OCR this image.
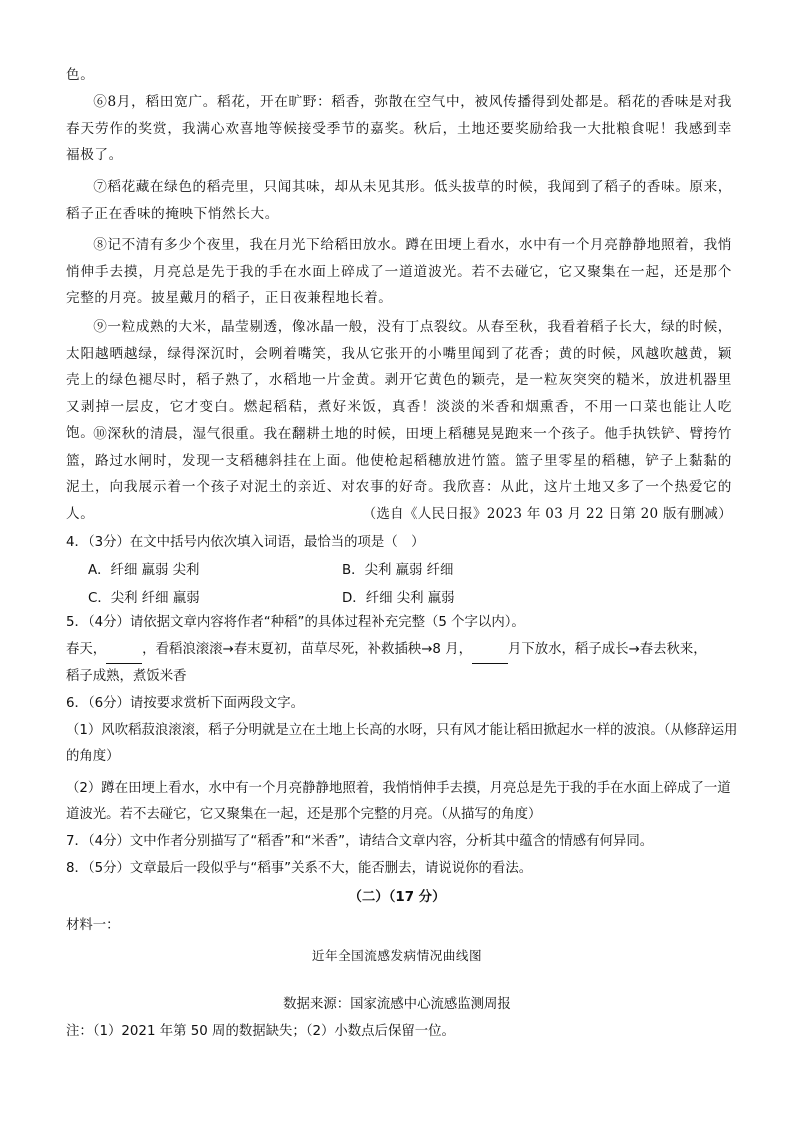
色。

⑥8月，稻田宽广。稻花，开在旷野：稻香，弥散在空气中，被风传播得到处都是。稻花的香味是对我春天劳作的奖赏，我满心欢喜地等候接受季节的嘉奖。秋后，土地还要奖励给我一大批粮食呢！我感到幸福极了。

⑦稻花藏在绿色的稻壳里，只闻其味，却从未见其形。低头拔草的时候，我闻到了稻子的香味。原来，稻子正在香味的掩映下悄然长大。

⑧记不清有多少个夜里，我在月光下给稻田放水。蹲在田埂上看水，水中有一个月亮静静地照着，我悄悄伸手去摸，月亮总是先于我的手在水面上碎成了一道道波光。若不去碰它，它又聚集在一起，还是那个完整的月亮。披星戴月的稻子，正日夜兼程地长着。

⑨一粒成熟的大米，晶莹剔透，像冰晶一般，没有丁点裂纹。从春至秋，我看着稻子长大，绿的时候，太阳越晒越绿，绿得深沉时，会咧着嘴笑，我从它张开的小嘴里闻到了花香；黄的时候，风越吹越黄，颖壳上的绿色褪尽时，稻子熟了，水稻地一片金黄。剥开它黄色的颖壳，是一粒灰突突的糙米，放进机器里又剥掉一层皮，它才变白。燃起稻秸，煮好米饭，真香！淡淡的米香和烟熏香，不用一口菜也能让人吃饱。

⑩深秋的清晨，湿气很重。我在翻耕土地的时候，田埂上稻穗晃晃跑来一个孩子。他手执铁铲、臂挎竹篮，路过水闸时，发现一支稻穗斜挂在上面。他使枪起稻穗放进竹篮。篮子里零星的稻穗，铲子上黏黏的泥土，向我展示着一个孩子对泥土的亲近、对农事的好奇。我欣喜：从此，这片土地又多了一个热爱它的人。	（选自《人民日报》2023 年 03 月 22 日第 20 版有删减）

4．（3分）在文中括号内依次填入词语，最恰当的项是（　）

A．纤细 羸弱 尖利	B．尖利 羸弱 纤细
C．尖利 纤细 羸弱	D．纤细 尖利 羸弱

5．（4分）请依据文章内容将作者“种稻”的具体过程补充完整（5 个字以内）。

春天，	，看稻浪滚滚→春末夏初，苗草尽死，补救插秧→8 月，	月下放水，稻子成长→春去秋来，
稻子成熟，煮饭米香

6．（6分）请按要求赏析下面两段文字。

（1）风吹稻菽浪滚滚，稻子分明就是立在土地上长高的水呀，只有风才能让稻田掀起水一样的波浪。（从修辞运用的角度）

（2）蹲在田埂上看水，水中有一个月亮静静地照着，我悄悄伸手去摸，月亮总是先于我的手在水面上碎成了一道道波光。若不去碰它，它又聚集在一起，还是那个完整的月亮。（从描写的角度）

7．（4分）文中作者分别描写了“稻香”和“米香”，请结合文章内容，分析其中蕴含的情感有何异同。

8．（5分）文章最后一段似乎与“稻事”关系不大，能否删去，请说说你的看法。

（二）（17 分）
材料一：
近年全国流感发病情况曲线图
数据来源：国家流感中心流感监测周报
注：（1）2021 年第 50 周的数据缺失；（2）小数点后保留一位。
